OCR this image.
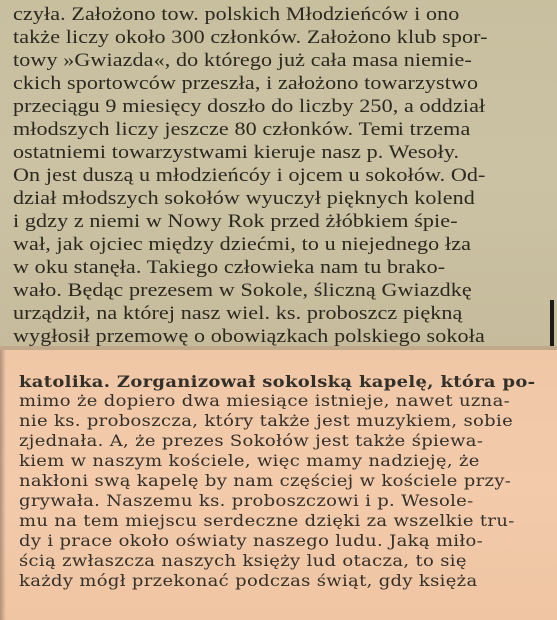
czyła. Założono tow. polskich Młodzieńców i ono
także liczy około 300 członków. Założono klub spor-
towy »Gwiazda«, do którego już cała masa niemie-
ckich sportowców przeszła, i założono towarzystwo
przeciągu 9 miesięcy doszło do liczby 250, a oddział
młodszych liczy jeszcze 80 członków. Temi trzema
ostatniemi towarzystwami kieruje nasz p. Wesoły.
On jest duszą u młodzieńcóy i ojcem u sokołów. Od-
dział młodszych sokołów wyuczył pięknych kolend
i gdzy z niemi w Nowy Rok przed żłóbkiem śpie-
wał, jak ojciec między dziećmi, to u niejednego łza
w oku stanęła. Takiego człowieka nam tu brako-
wało. Będąc prezesem w Sokole, śliczną Gwiazdkę
urządził, na której nasz wiel. ks. proboszcz piękną
wygłosił przemowę o obowiązkach polskiego sokoła
katolika. Zorganizował sokolską kapelę, która po-
mimo że dopiero dwa miesiące istnieje, nawet uzna-
nie ks. proboszcza, który także jest muzykiem, sobie
zjednała. A, że prezes Sokołów jest także śpiewa-
kiem w naszym kościele, więc mamy nadzieję, że
nakłoni swą kapelę by nam częściej w kościele przy-
grywała. Naszemu ks. proboszczowi i p. Wesole-
mu na tem miejscu serdeczne dzięki za wszelkie tru-
dy i prace około oświaty naszego ludu. Jaką miło-
ścią zwłaszcza naszych księży lud otacza, to się
każdy mógł przekonać podczas świąt, gdy księża
